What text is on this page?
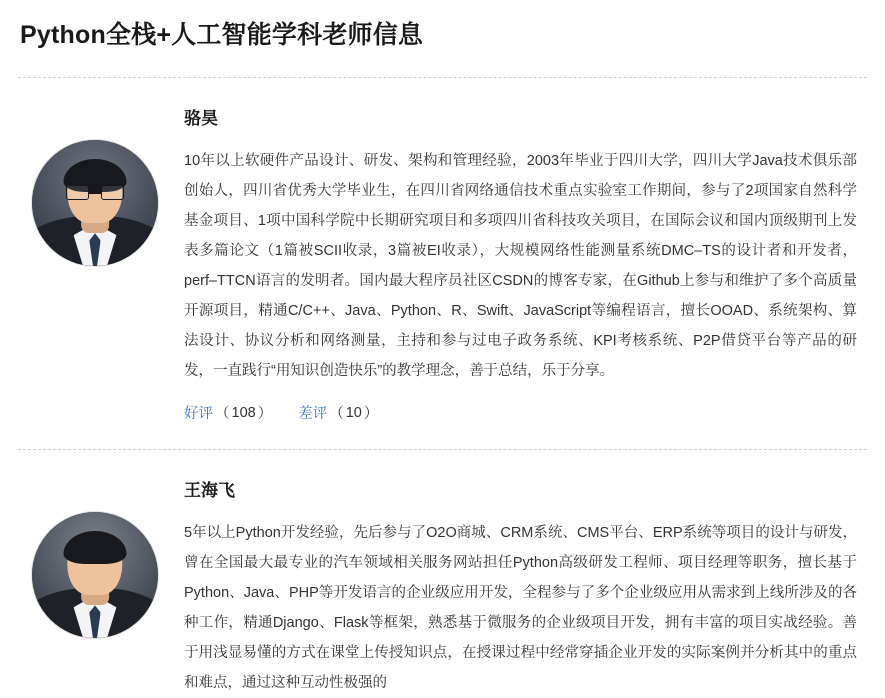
Python全栈+人工智能学科老师信息
骆昊
10年以上软硬件产品设计、研发、架构和管理经验，2003年毕业于四川大学，四川大学Java技术俱乐部创始人，四川省优秀大学毕业生，在四川省网络通信技术重点实验室工作期间，参与了2项国家自然科学基金项目、1项中国科学院中长期研究项目和多项四川省科技攻关项目，在国际会议和国内顶级期刊上发表多篇论文（1篇被SCII收录，3篇被EI收录），大规模网络性能测量系统DMC–TS的设计者和开发者，perf–TTCN语言的发明者。国内最大程序员社区CSDN的博客专家，在Github上参与和维护了多个高质量开源项目，精通C/C++、Java、Python、R、Swift、JavaScript等编程语言，擅长OOAD、系统架构、算法设计、协议分析和网络测量，主持和参与过电子政务系统、KPI考核系统、P2P借贷平台等产品的研发，一直践行“用知识创造快乐”的教学理念，善于总结，乐于分享。
好评 （ 108 ） 差评 （ 10 ）
王海飞
5年以上Python开发经验，先后参与了O2O商城、CRM系统、CMS平台、ERP系统等项目的设计与研发，曾在全国最大最专业的汽车领域相关服务网站担任Python高级研发工程师、项目经理等职务，擅长基于Python、Java、PHP等开发语言的企业级应用开发，全程参与了多个企业级应用从需求到上线所涉及的各种工作，精通Django、Flask等框架，熟悉基于微服务的企业级项目开发，拥有丰富的项目实战经验。善于用浅显易懂的方式在课堂上传授知识点，在授课过程中经常穿插企业开发的实际案例并分析其中的重点和难点，通过这种互动性极强的
